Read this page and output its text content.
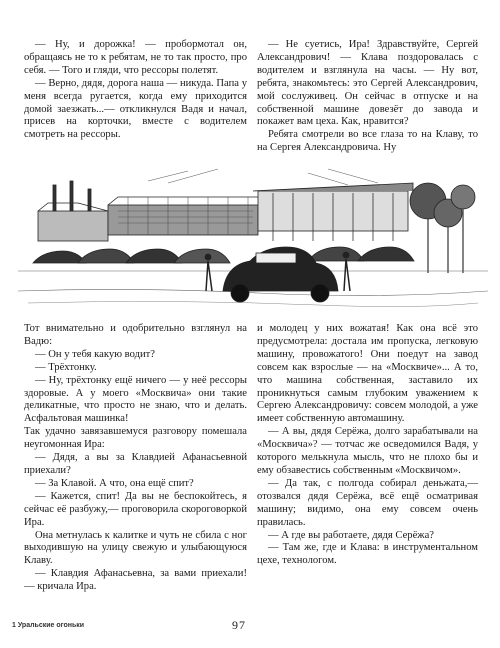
— Ну, и дорожка! — пробормотал он, обращаясь не то к ребятам, не то так просто, про себя. — Того и гляди, что рессоры полетят.

— Верно, дядя, дорога наша — никуда. Папа у меня всегда ругается, когда ему приходится домой заезжать...— откликнулся Вадя и начал, присев на корточки, вместе с водителем смотреть на рессоры.

— Не суетись, Ира! Здравствуйте, Сергей Александрович! — Клава поздоровалась с водителем и взглянула на часы. — Ну вот, ребята, знакомьтесь: это Сергей Александрович, мой сослуживец. Он сейчас в отпуске и на собственной машине довезёт до завода и покажет вам цеха. Как, нравится?

Ребята смотрели во все глаза то на Клаву, то на Сергея Александровича. Ну

Тот внимательно и одобрительно взглянул на Вадю:

— Он у тебя какую водит?

— Трёхтонку.

— Ну, трёхтонку ещё ничего — у неё рессоры здоровые. А у моего «Москвича» они такие деликатные, что просто не знаю, что и делать. Асфальтовая машинка!

Так удачно завязавшемуся разговору помешала неугомонная Ира:

— Дядя, а вы за Клавдией Афанасьевной приехали?

— За Клавой. А что, она ещё спит?

— Кажется, спит! Да вы не беспокойтесь, я сейчас её разбужу,— проговорила скороговоркой Ира.

Она метнулась к калитке и чуть не сбила с ног выходившую на улицу свежую и улыбающуюся Клаву.

— Клавдия Афанасьевна, за вами приехали! — кричала Ира.

и молодец у них вожатая! Как она всё это предусмотрела: достала им пропуска, легковую машину, провожатого! Они поедут на завод совсем как взрослые — на «Москвиче»... А то, что машина собственная, заставило их проникнуться самым глубоким уважением к Сергею Александровичу: совсем молодой, а уже имеет собственную автомашину.

— А вы, дядя Серёжа, долго зарабатывали на «Москвича»? — тотчас же осведомился Вадя, у которого мелькнула мысль, что не плохо бы и ему обзавестись собственным «Москвичом».

— Да так, с полгода собирал деньжата,— отозвался дядя Серёжа, всё ещё осматривая машину; видимо, она ему совсем очень правилась.

— А где вы работаете, дядя Серёжа?

— Там же, где и Клава: в инструментальном цехе, технологом.

1 Уральские огоньки	97
